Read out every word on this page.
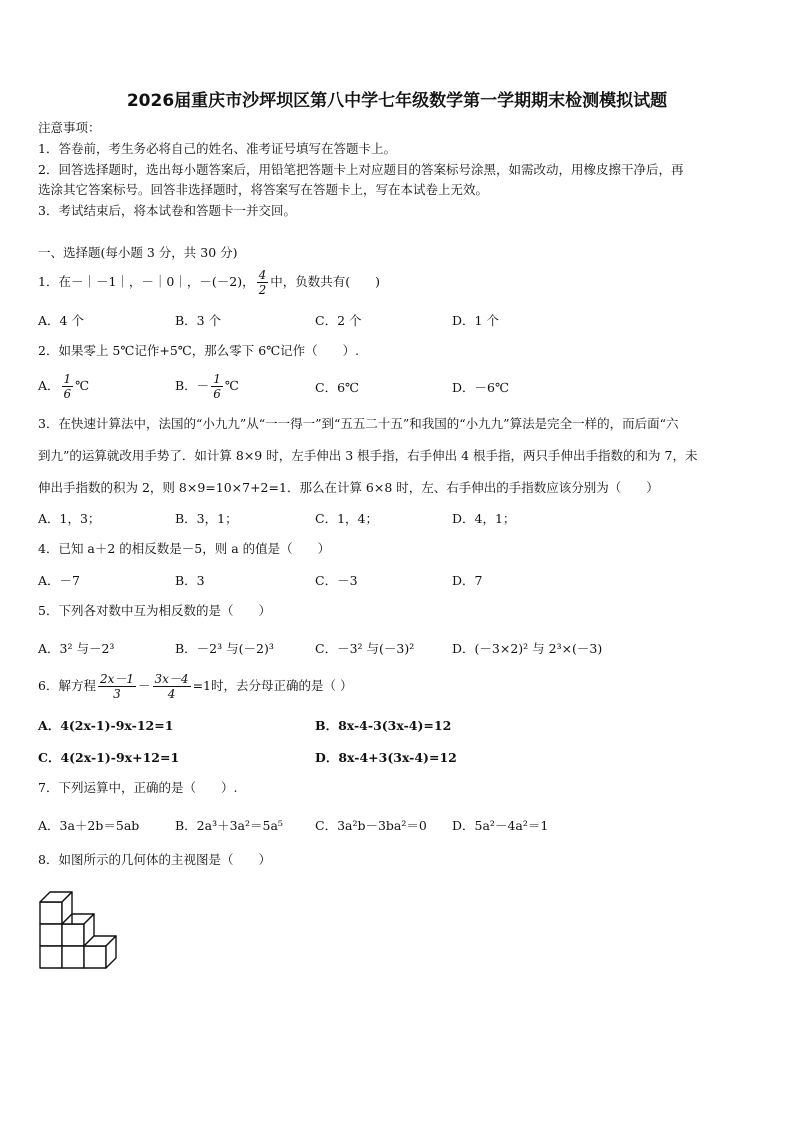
2026届重庆市沙坪坝区第八中学七年级数学第一学期期末检测模拟试题
注意事项：
1．答卷前，考生务必将自己的姓名、准考证号填写在答题卡上。
2．回答选择题时，选出每小题答案后，用铅笔把答题卡上对应题目的答案标号涂黑，如需改动，用橡皮擦干净后，再
选涂其它答案标号。回答非选择题时，将答案写在答题卡上，写在本试卷上无效。
3．考试结束后，将本试卷和答题卡一并交回。
一、选择题(每小题 3 分，共 30 分)
1．在－｜－1｜，－｜0｜，－(－2)， $\frac{4}{2}$ 中，负数共有(　　)
A．4 个	B．3 个	C．2 个	D．1 个
2．如果零上 5℃记作+5℃，那么零下 6℃记作（　　）.
A． $\frac{1}{6}$ ℃	B．－ $\frac{1}{6}$ ℃	C．6℃	D．－6℃
3．在快速计算法中，法国的“小九九”从“一一得一”到“五五二十五”和我国的“小九九”算法是完全一样的，而后面“六
到九”的运算就改用手势了．如计算 8×9 时，左手伸出 3 根手指，右手伸出 4 根手指，两只手伸出手指数的和为 7，未
伸出手指数的积为 2，则 8×9=10×7+2=1．那么在计算 6×8 时，左、右手伸出的手指数应该分别为（　　）
A．1，3；	B．3，1；	C．1，4；	D．4，1；
4．已知 a＋2 的相反数是－5，则 a 的值是（　　）
A．－7	B．3	C．－3	D．7
5．下列各对数中互为相反数的是（　　）
A．3² 与－2³	B．－2³ 与(－2)³	C．－3² 与(－3)²	D．(－3×2)² 与 2³×(－3)
6．解方程 $\frac{2x-1}{3} - \frac{3x-4}{4} =1$时，去分母正确的是（ ）
A．4(2x-1)-9x-12=1	B．8x-4-3(3x-4)=12
C．4(2x-1)-9x+12=1	D．8x-4+3(3x-4)=12
7．下列运算中，正确的是（　　）.
A．3a＋2b＝5ab	B．2a³＋3a²＝5a⁵	C．3a²b－3ba²＝0 D．5a²－4a²＝1
8．如图所示的几何体的主视图是（　　）
